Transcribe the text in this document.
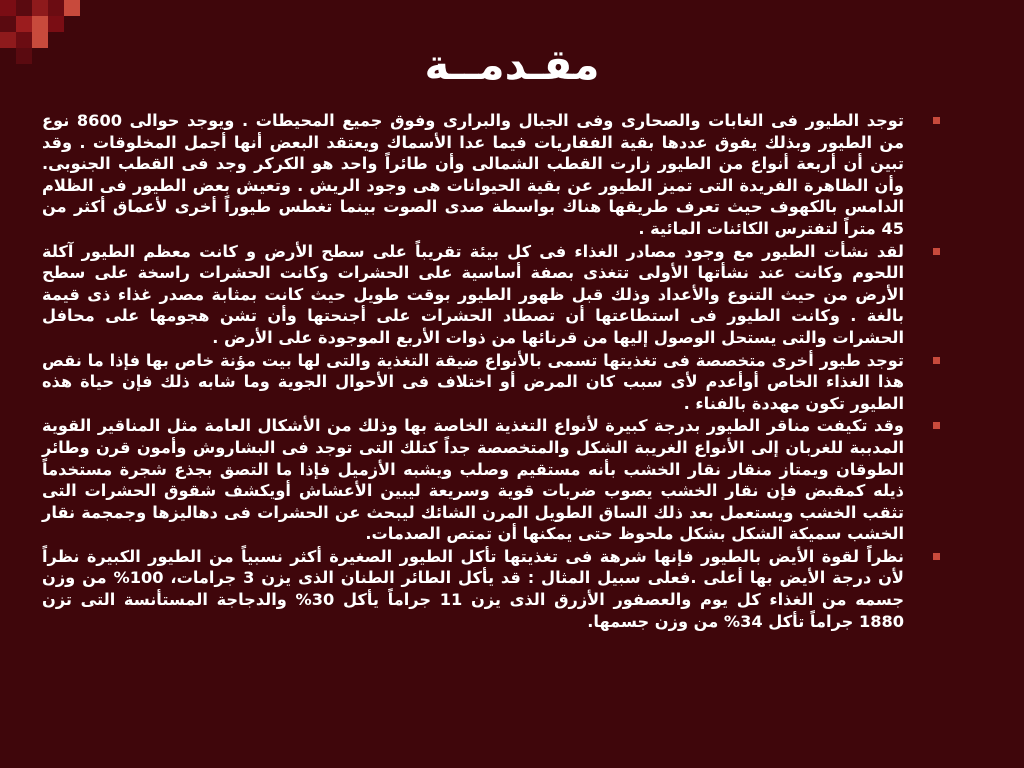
مقـدمــة
توجد الطيور فى الغابات والصحارى وفى الجبال والبرارى وفوق جميع المحيطات . ويوجد حوالى 8600 نوع من الطيور وبذلك يفوق عددها بقية الفقاريات فيما عدا الأسماك ويعتقد البعض أنها أجمل المخلوقات . وقد تبين أن أربعة أنواع من الطيور زارت القطب الشمالى وأن طائراً واحد هو الكركر وجد فى القطب الجنوبى. وأن الظاهرة الفريدة التى تميز الطيور عن بقية الحيوانات هى وجود الريش . وتعيش بعض الطيور فى الظلام الدامس بالكهوف حيث تعرف طريقها هناك بواسطة صدى الصوت بينما تغطس طيوراً أخرى لأعماق أكثر من 45 متراً لتفترس الكائنات المائية .
لقد نشأت الطيور مع وجود مصادر الغذاء فى كل بيئة تقريباً على سطح الأرض و كانت معظم الطيور آكلة اللحوم وكانت عند نشأتها الأولى تتغذى بصفة أساسية على الحشرات وكانت الحشرات راسخة على سطح الأرض من حيث التنوع والأعداد وذلك قبل ظهور الطيور بوقت طويل حيث كانت بمثابة مصدر غذاء ذى قيمة بالغة . وكانت الطيور فى استطاعتها أن تصطاد الحشرات على أجنحتها وأن تشن هجومها على محافل الحشرات والتى يستحل الوصول إليها من قرنائها من ذوات الأربع الموجودة على الأرض .
توجد طيور أخرى متخصصة فى تغذيتها تسمى بالأنواع ضيقة التغذية والتى لها بيت مؤنة خاص بها فإذا ما نقص هذا الغذاء الخاص أوأعدم لأى سبب كان المرض أو اختلاف فى الأحوال الجوية وما شابه ذلك فإن حياة هذه الطيور تكون مهددة بالفناء .
وقد تكيفت مناقر الطيور بدرجة كبيرة لأنواع التغذية الخاصة بها وذلك من الأشكال العامة مثل المناقير القوية المدببة للغربان إلى الأنواع الغريبة الشكل والمتخصصة جداً كتلك التى توجد فى البشاروش وأمون قرن وطائر الطوقان ويمتاز منقار نقار الخشب بأنه مستقيم وصلب ويشبه الأزميل فإذا ما التصق بجذع شجرة مستخدماً ذيله كمقبض فإن نقار الخشب يصوب ضربات قوية وسريعة ليبين الأعشاش أويكشف شقوق الحشرات التى تثقب الخشب ويستعمل بعد ذلك الساق الطويل المرن الشائك ليبحث عن الحشرات فى دهاليزها وجمجمة نقار الخشب سميكة الشكل بشكل ملحوظ حتى يمكنها أن تمتص الصدمات.
نظراً لقوة الأيض بالطيور فإنها شرهة فى تغذيتها تأكل الطيور الصغيرة أكثر نسبياً من الطيور الكبيرة نظراً لأن درجة الأيض بها أعلى .فعلى سبيل المثال : قد يأكل الطائر الطنان الذى يزن 3 جرامات، 100% من وزن جسمه من الغذاء كل يوم والعصفور الأزرق الذى يزن 11 جراماً يأكل 30% والدجاجة المستأنسة التى تزن 1880 جراماً تأكل 34% من وزن جسمها.
